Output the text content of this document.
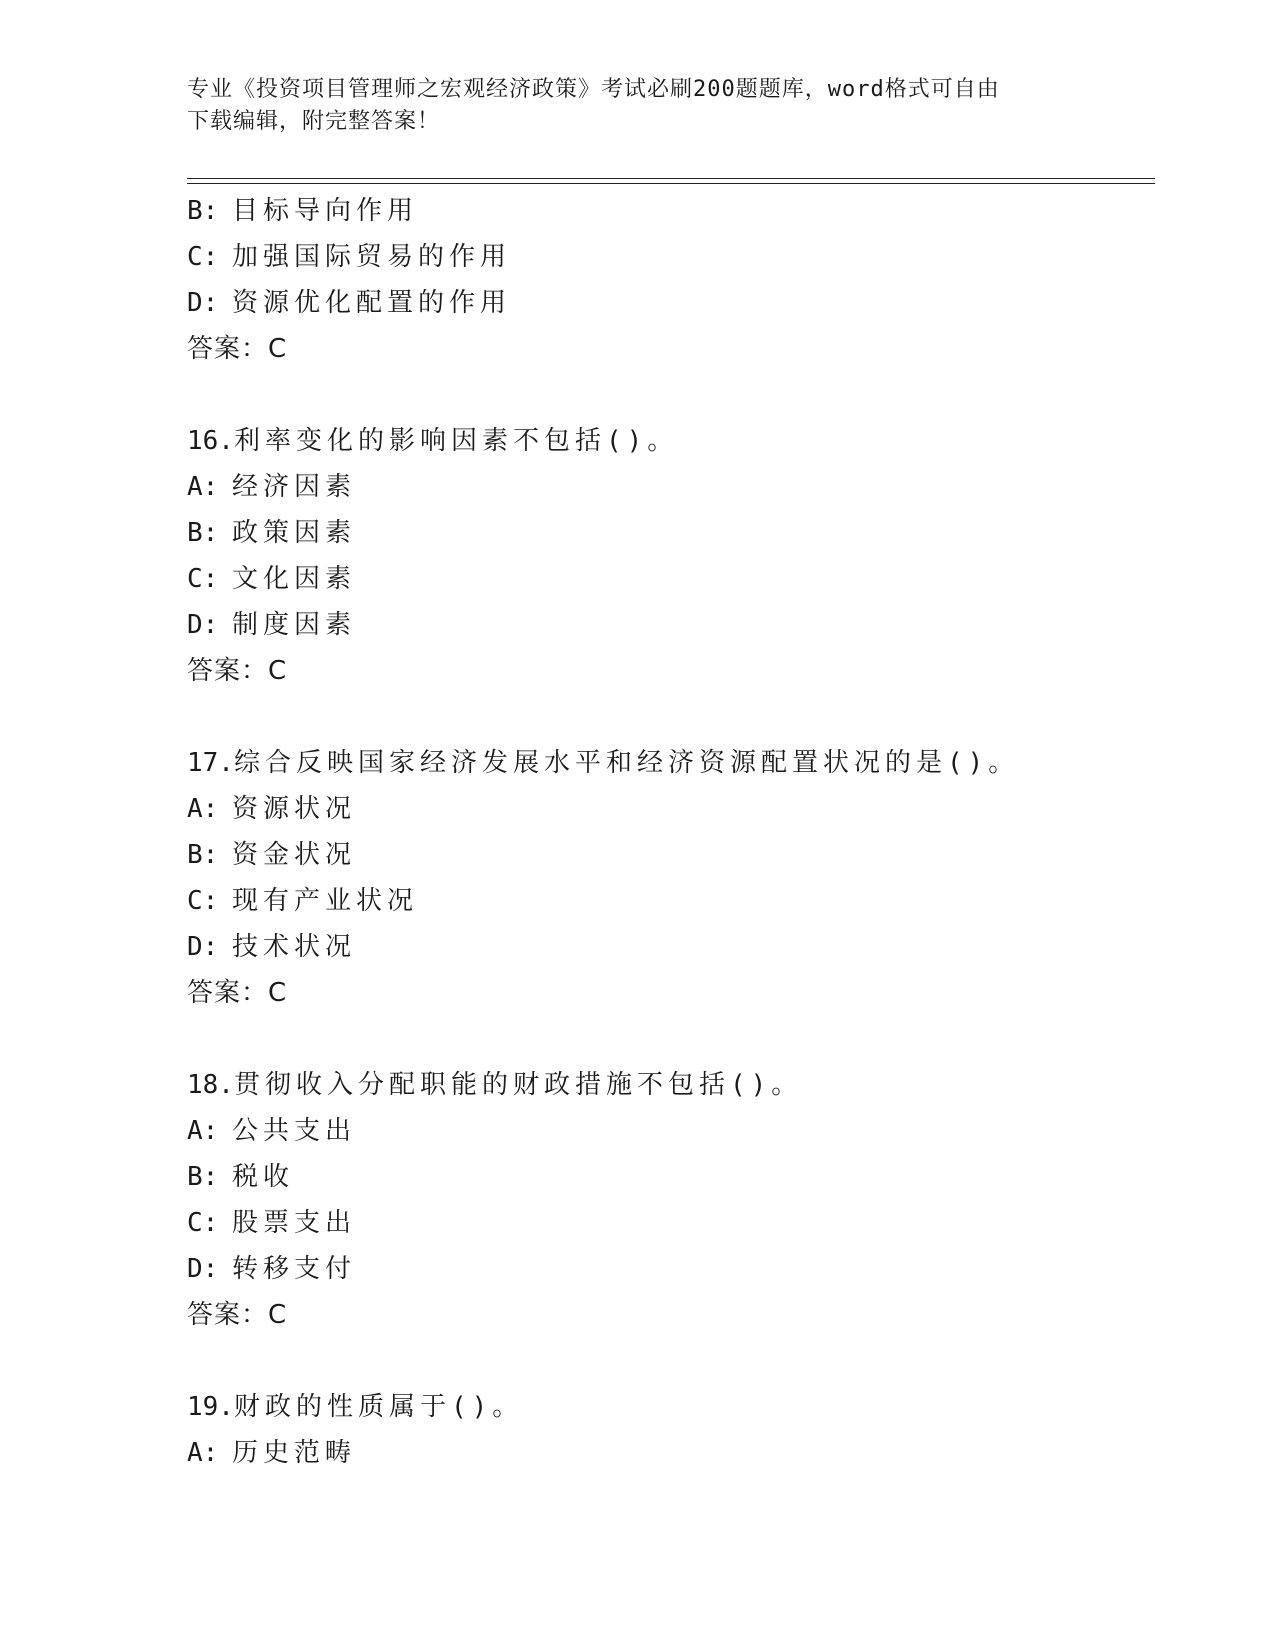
专业《投资项目管理师之宏观经济政策》考试必刷200题题库，word格式可自由
下载编辑，附完整答案！
B: 目标导向作用
C: 加强国际贸易的作用
D: 资源优化配置的作用
答案：C
16.利率变化的影响因素不包括()。
A: 经济因素
B: 政策因素
C: 文化因素
D: 制度因素
答案：C
17.综合反映国家经济发展水平和经济资源配置状况的是()。
A: 资源状况
B: 资金状况
C: 现有产业状况
D: 技术状况
答案：C
18.贯彻收入分配职能的财政措施不包括()。
A: 公共支出
B: 税收
C: 股票支出
D: 转移支付
答案：C
19.财政的性质属于()。
A: 历史范畴
